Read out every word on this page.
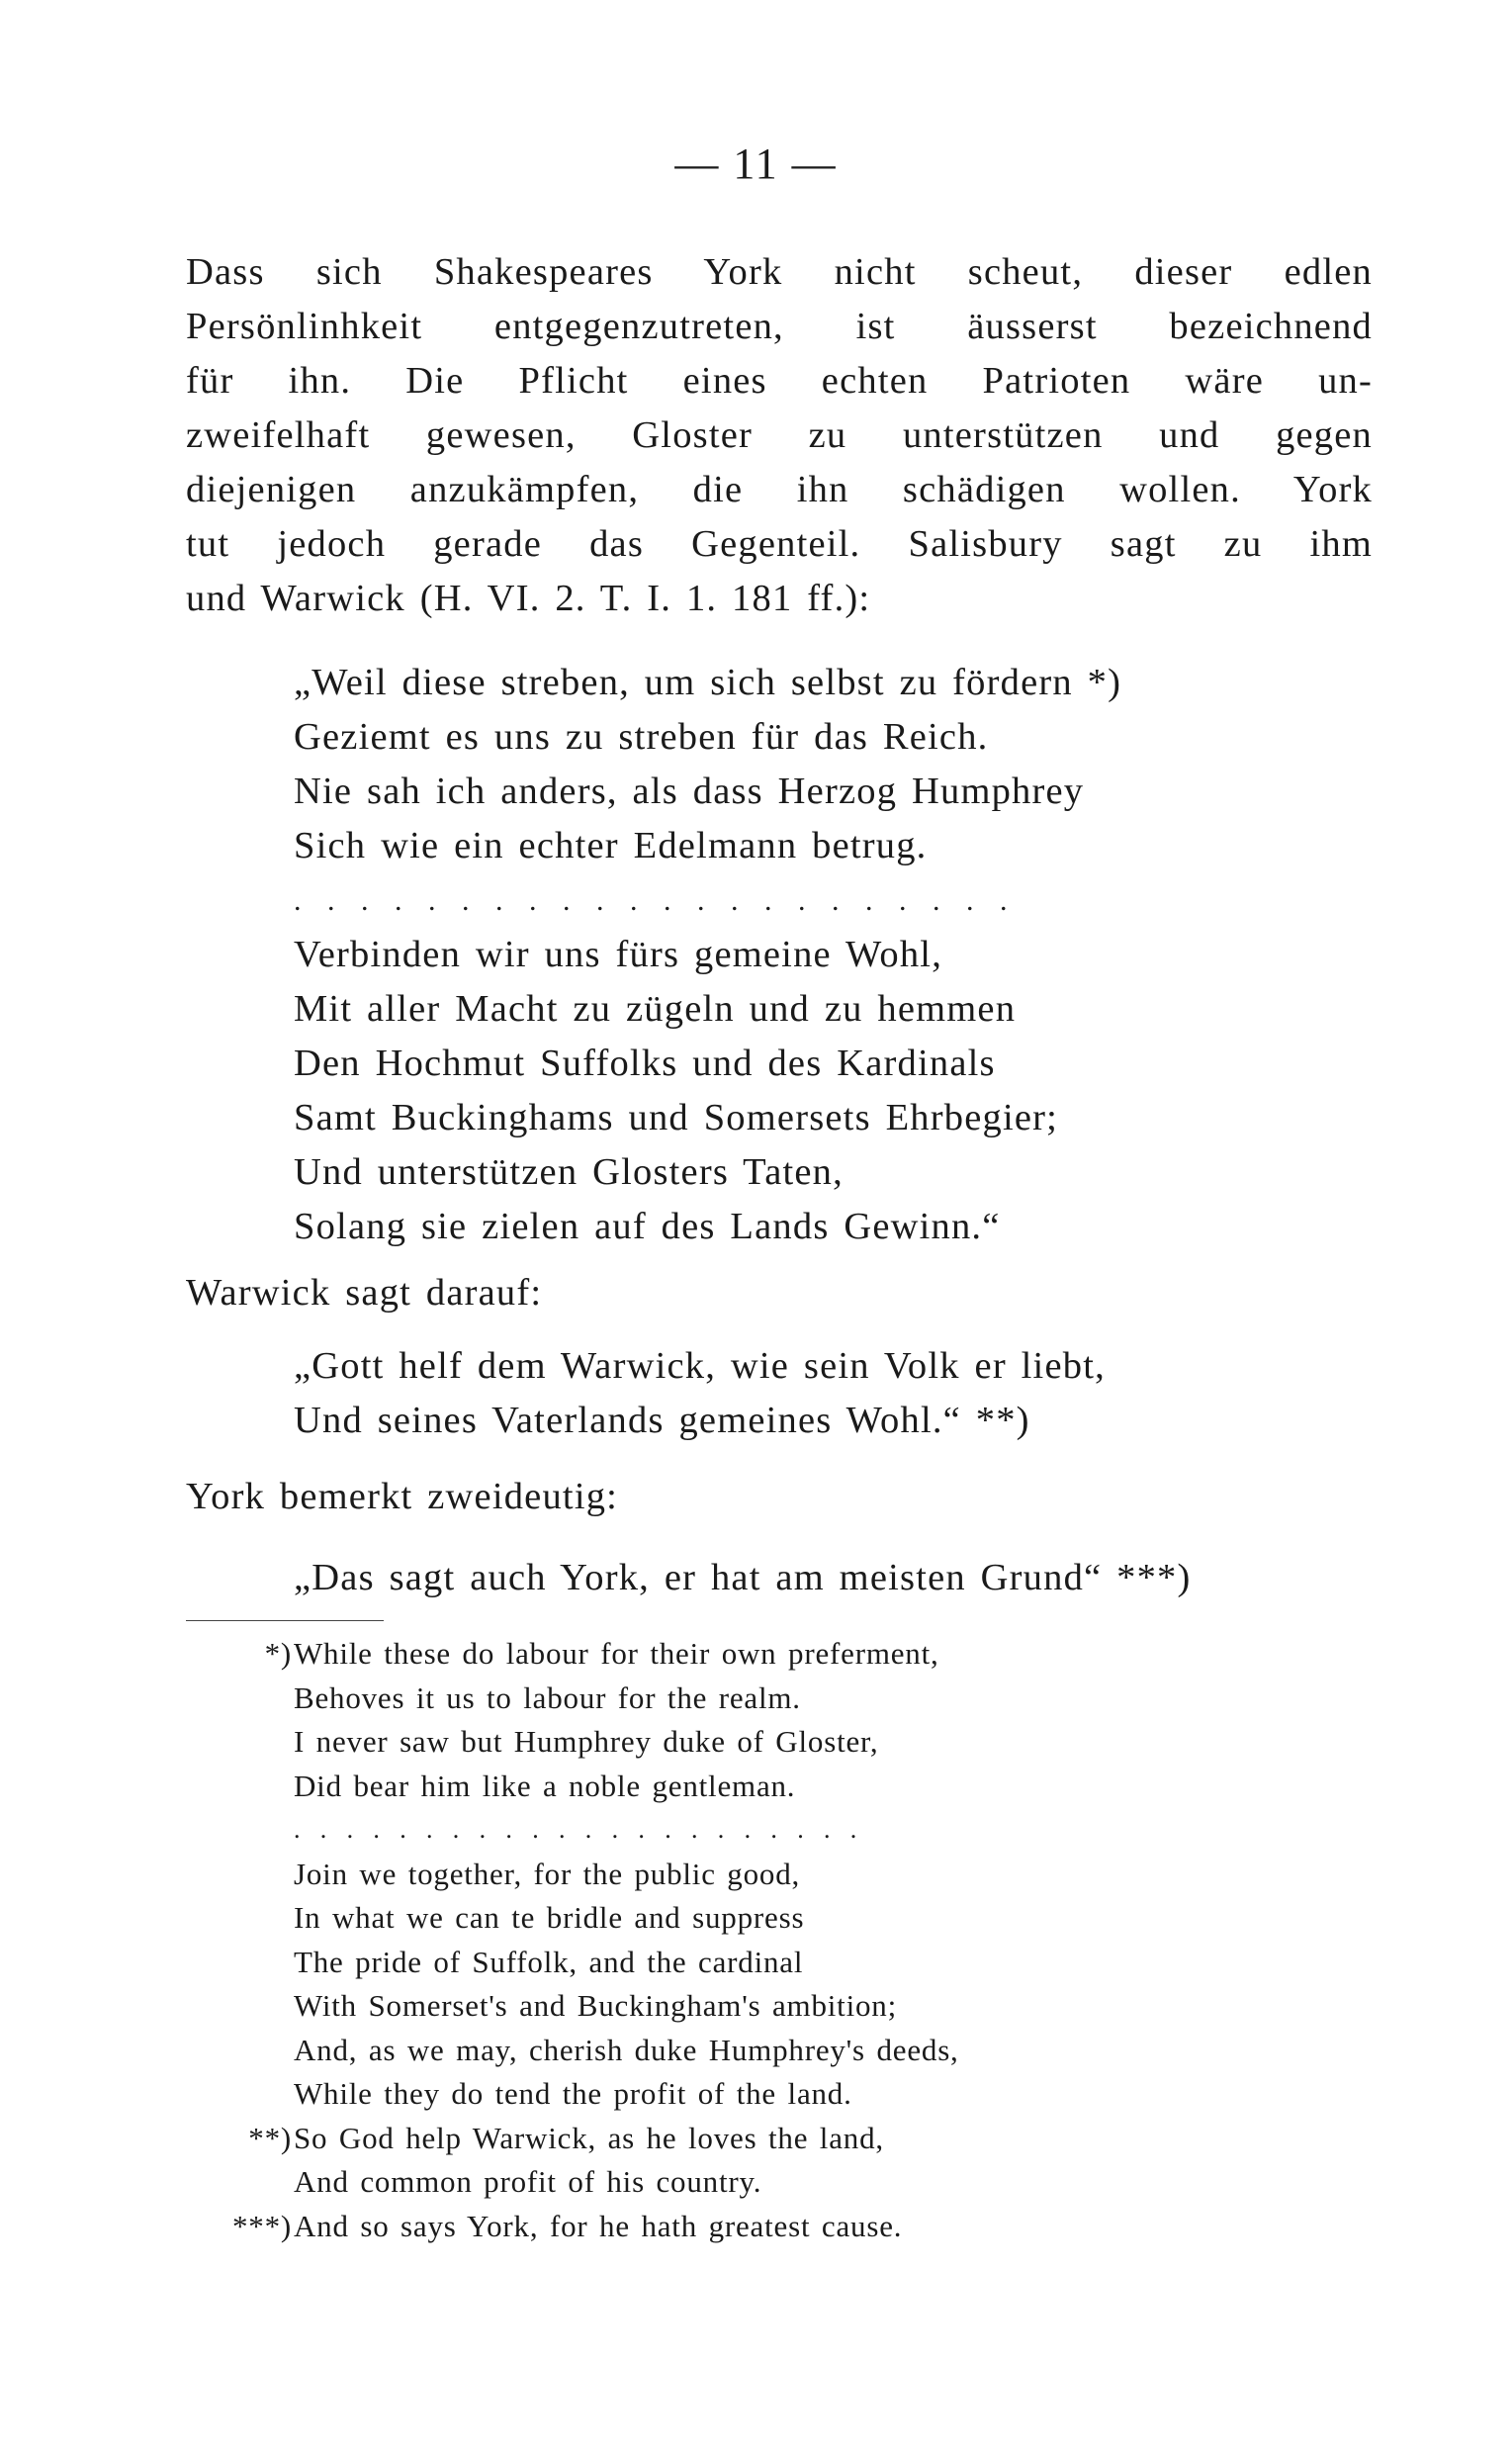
— 11 —
Dass sich Shakespeares York nicht scheut, dieser edlen
Persönlinhkeit entgegenzutreten, ist äusserst bezeichnend
für ihn. Die Pflicht eines echten Patrioten wäre un-
zweifelhaft gewesen, Gloster zu unterstützen und gegen
diejenigen anzukämpfen, die ihn schädigen wollen. York
tut jedoch gerade das Gegenteil. Salisbury sagt zu ihm
und Warwick (H. VI. 2. T. I. 1. 181 ff.):
„Weil diese streben, um sich selbst zu fördern *)
Geziemt es uns zu streben für das Reich.
Nie sah ich anders, als dass Herzog Humphrey
Sich wie ein echter Edelmann betrug.
......................
Verbinden wir uns fürs gemeine Wohl,
Mit aller Macht zu zügeln und zu hemmen
Den Hochmut Suffolks und des Kardinals
Samt Buckinghams und Somersets Ehrbegier;
Und unterstützen Glosters Taten,
Solang sie zielen auf des Lands Gewinn.“
Warwick sagt darauf:
„Gott helf dem Warwick, wie sein Volk er liebt,
Und seines Vaterlands gemeines Wohl.“ **)
York bemerkt zweideutig:
„Das sagt auch York, er hat am meisten Grund“ ***)
*) While these do labour for their own preferment,
Behoves it us to labour for the realm.
I never saw but Humphrey duke of Gloster,
Did bear him like a noble gentleman.
......................
Join we together, for the public good,
In what we can te bridle and suppress
The pride of Suffolk, and the cardinal
With Somerset's and Buckingham's ambition;
And, as we may, cherish duke Humphrey's deeds,
While they do tend the profit of the land.
**) So God help Warwick, as he loves the land,
And common profit of his country.
***) And so says York, for he hath greatest cause.
